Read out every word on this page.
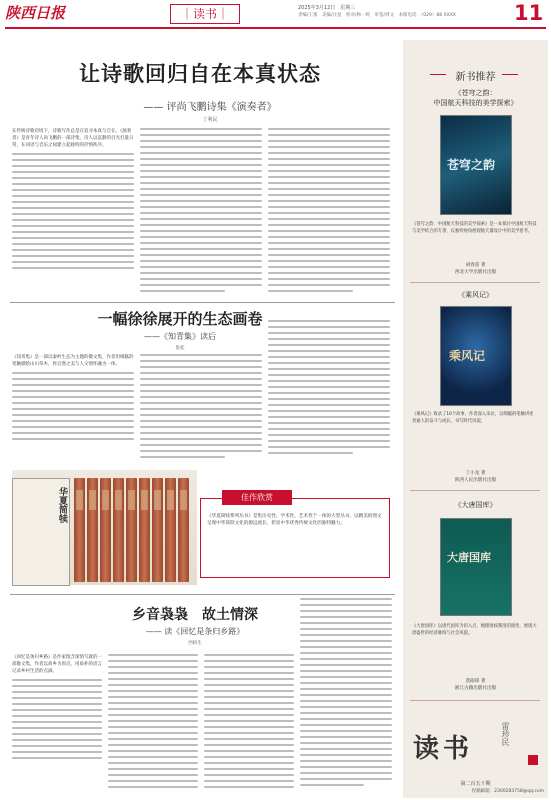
陕西日报	｜读书｜	2025年3月12日　星期三
责编/王蕾　美编/汪星　校对/杨一鸣　审签/周文　本版电话：（029）88 XXXX	11
让诗歌回归自在本真状态
—— 评尚飞鹏诗集《演奏者》
丁利民
在传统诗歌语境下，诗歌写作总是在追寻本真与自在。《演奏者》是青年诗人尚飞鹏的一部诗集，诗人以沉静的目光打量日常，在词语与音乐之间建立起独特的抒情秩序。
一幅徐徐展开的生态画卷
——《知青集》读后
张松
《知青集》是一部以秦岭生态为主题的散文集，作者用细腻的笔触描绘山川草木，将自然之美与人文情怀融为一体。
华夏简犊	《华夏简犊系列丛书》是集历史性、学术性、艺术性于一体的大型丛书，以精美的图文呈现中华简牍文化的源远流长，彰显中华优秀传统文化的独特魅力。
佳作欣赏
乡音袅袅　故土情深
—— 读《回忆是条归乡路》
西柏生
《回忆是条归乡路》是作家饱含深情写就的一部散文集，作者以故乡为原点，用质朴的语言记录乡村生活的点滴。
新书推荐
《苍穹之韵：
中国航天科技的美学探索》
苍穹之韵
《苍穹之韵：中国航天科技的美学探索》是一本探讨中国航天科技与美学结合的专著，以独特视角展现航天器设计中的美学思考。
胡春雷 著
西北大学出版社出版
《乘风记》
乘风记
《乘风记》收录了10个故事，作者深入采访，以细腻的笔触讲述普通人的奋斗与成长，书写时代风貌。
丁小龙 著
陕西人民出版社出版
《大唐国库》
大唐国库
《大唐国库》以唐代国库为切入点，梳理财政制度的演变，展现大唐盛世的经济脉络与社会风貌。
莫砺锋 著
浙江古籍出版社出版
读书	雷珍民
第二百五十期
投稿邮箱：2300283758@qq.com
